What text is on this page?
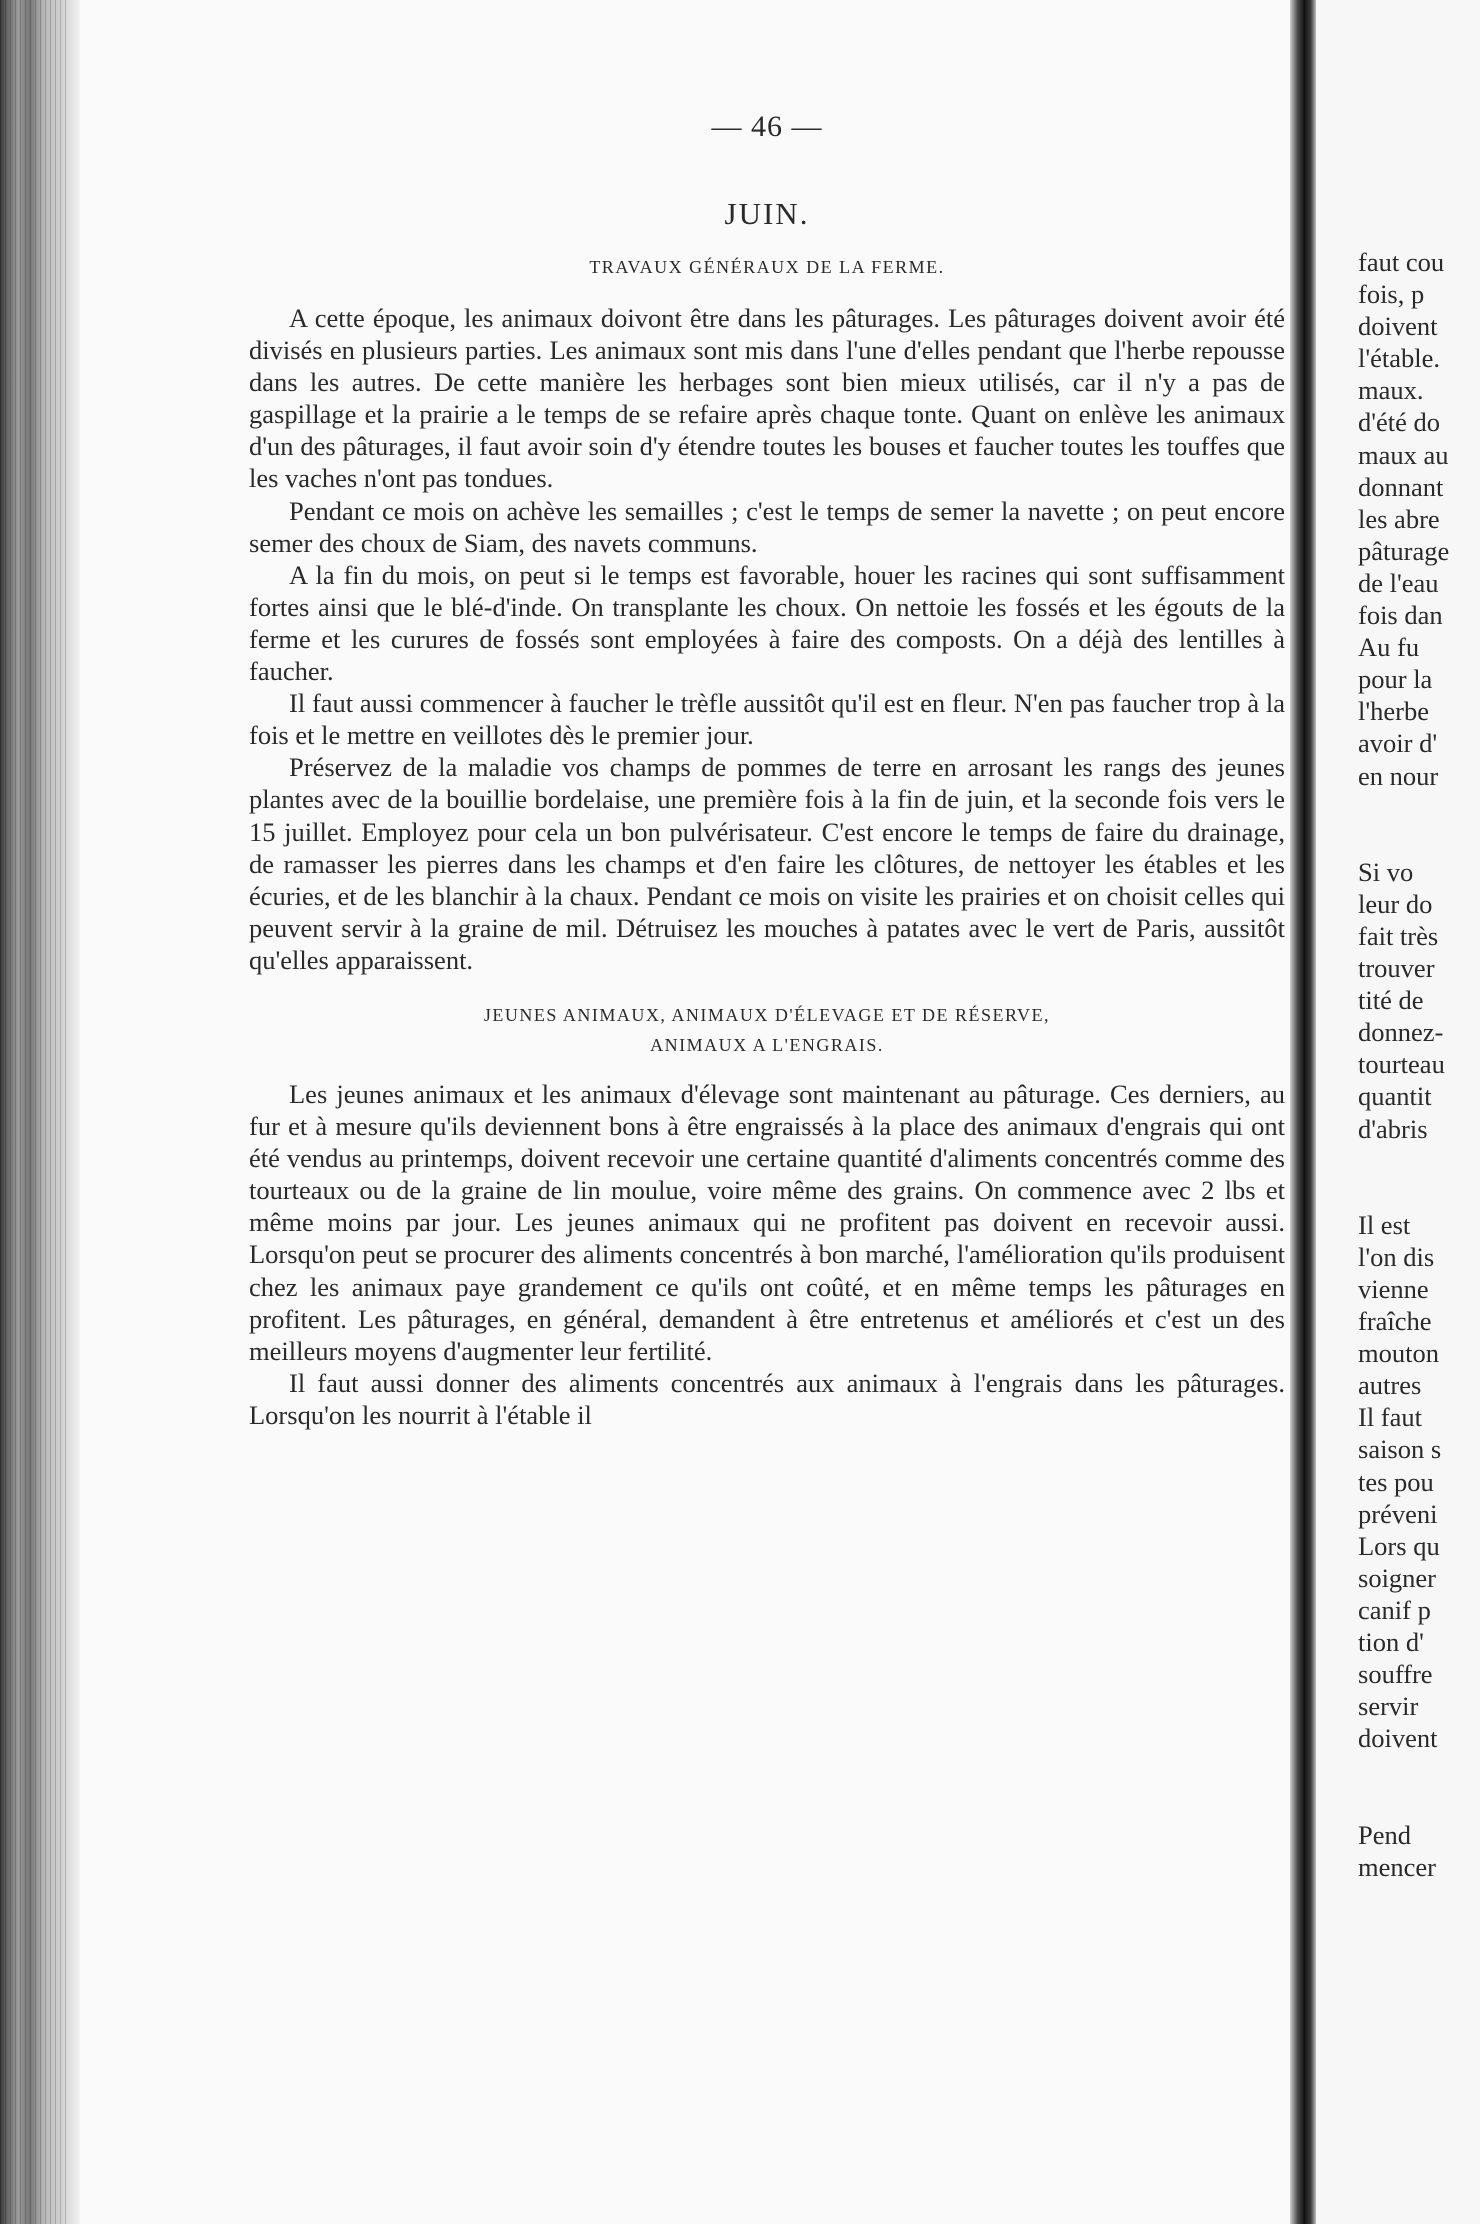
faut cou
fois, p
doivent
l'étable.
maux.
d'été do
maux au
donnant
les abre
pâturage
de l'eau
fois dan
Au fu
pour la
l'herbe
avoir d'
en nour
Si vo
leur do
fait très
trouver
tité de
donnez-
tourteau
quantit
d'abris
Il est
l'on dis
vienne
fraîche
mouton
autres
Il faut
saison s
tes pou
préveni
Lors qu
soigner
canif p
tion d'
souffre
servir
doivent
Pend
mencer
— 46 —
JUIN.
TRAVAUX GÉNÉRAUX DE LA FERME.

A cette époque, les animaux doivont être dans les pâturages. Les pâturages doivent avoir été divisés en plusieurs parties. Les animaux sont mis dans l'une d'elles pendant que l'herbe repousse dans les autres. De cette manière les herbages sont bien mieux utilisés, car il n'y a pas de gaspillage et la prairie a le temps de se refaire après chaque tonte. Quant on enlève les animaux d'un des pâturages, il faut avoir soin d'y étendre toutes les bouses et faucher toutes les touffes que les vaches n'ont pas tondues.

Pendant ce mois on achève les semailles ; c'est le temps de semer la navette ; on peut encore semer des choux de Siam, des navets communs.

A la fin du mois, on peut si le temps est favorable, houer les racines qui sont suffisamment fortes ainsi que le blé-d'inde. On transplante les choux. On nettoie les fossés et les égouts de la ferme et les curures de fossés sont employées à faire des composts. On a déjà des lentilles à faucher.

Il faut aussi commencer à faucher le trèfle aussitôt qu'il est en fleur. N'en pas faucher trop à la fois et le mettre en veillotes dès le premier jour.

Préservez de la maladie vos champs de pommes de terre en arrosant les rangs des jeunes plantes avec de la bouillie bordelaise, une première fois à la fin de juin, et la seconde fois vers le 15 juillet. Employez pour cela un bon pulvérisateur. C'est encore le temps de faire du drainage, de ramasser les pierres dans les champs et d'en faire les clôtures, de nettoyer les étables et les écuries, et de les blanchir à la chaux. Pendant ce mois on visite les prairies et on choisit celles qui peuvent servir à la graine de mil. Détruisez les mouches à patates avec le vert de Paris, aussitôt qu'elles apparaissent.

JEUNES ANIMAUX, ANIMAUX D'ÉLEVAGE ET DE RÉSERVE,
ANIMAUX A L'ENGRAIS.

Les jeunes animaux et les animaux d'élevage sont maintenant au pâturage. Ces derniers, au fur et à mesure qu'ils deviennent bons à être engraissés à la place des animaux d'engrais qui ont été vendus au printemps, doivent recevoir une certaine quantité d'aliments concentrés comme des tourteaux ou de la graine de lin moulue, voire même des grains. On commence avec 2 lbs et même moins par jour. Les jeunes animaux qui ne profitent pas doivent en recevoir aussi. Lorsqu'on peut se procurer des aliments concentrés à bon marché, l'amélioration qu'ils produisent chez les animaux paye grandement ce qu'ils ont coûté, et en même temps les pâturages en profitent. Les pâturages, en général, demandent à être entretenus et améliorés et c'est un des meilleurs moyens d'augmenter leur fertilité.

Il faut aussi donner des aliments concentrés aux animaux à l'engrais dans les pâturages. Lorsqu'on les nourrit à l'étable il
